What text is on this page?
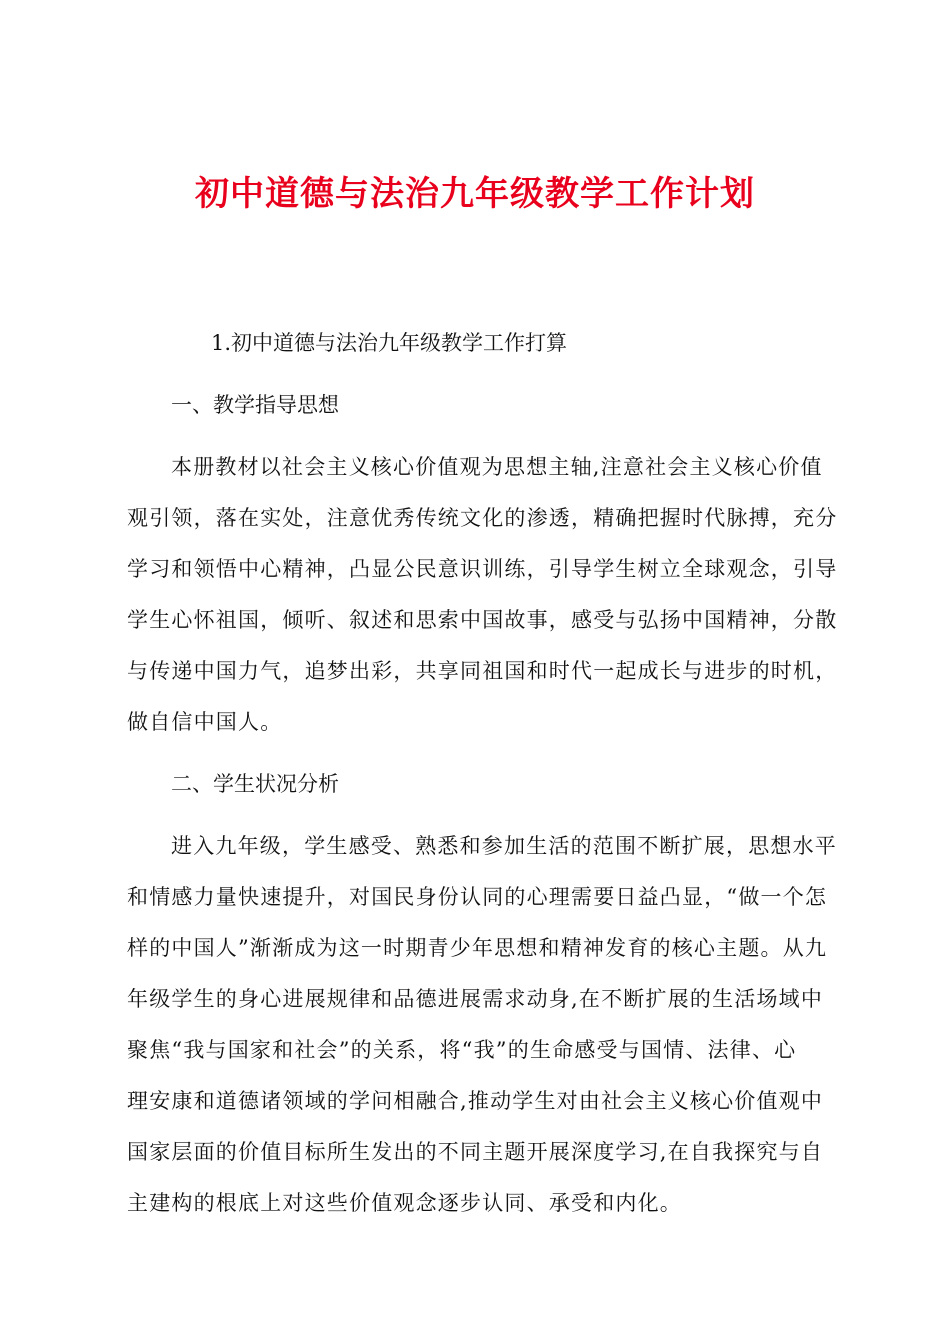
初中道德与法治九年级教学工作计划

1.初中道德与法治九年级教学工作打算

一、教学指导思想

本册教材以社会主义核心价值观为思想主轴,注意社会主义核心价值
观引领，落在实处，注意优秀传统文化的渗透，精确把握时代脉搏，充分
学习和领悟中心精神，凸显公民意识训练，引导学生树立全球观念，引导
学生心怀祖国，倾听、叙述和思索中国故事，感受与弘扬中国精神，分散
与传递中国力气，追梦出彩，共享同祖国和时代一起成长与进步的时机，
做自信中国人。

二、学生状况分析

进入九年级，学生感受、熟悉和参加生活的范围不断扩展，思想水平
和情感力量快速提升，对国民身份认同的心理需要日益凸显，“做一个怎
样的中国人”渐渐成为这一时期青少年思想和精神发育的核心主题。从九
年级学生的身心进展规律和品德进展需求动身,在不断扩展的生活场域中
聚焦“我与国家和社会”的关系，将“我”的生命感受与国情、法律、心
理安康和道德诸领域的学问相融合,推动学生对由社会主义核心价值观中
国家层面的价值目标所生发出的不同主题开展深度学习,在自我探究与自
主建构的根底上对这些价值观念逐步认同、承受和内化。
